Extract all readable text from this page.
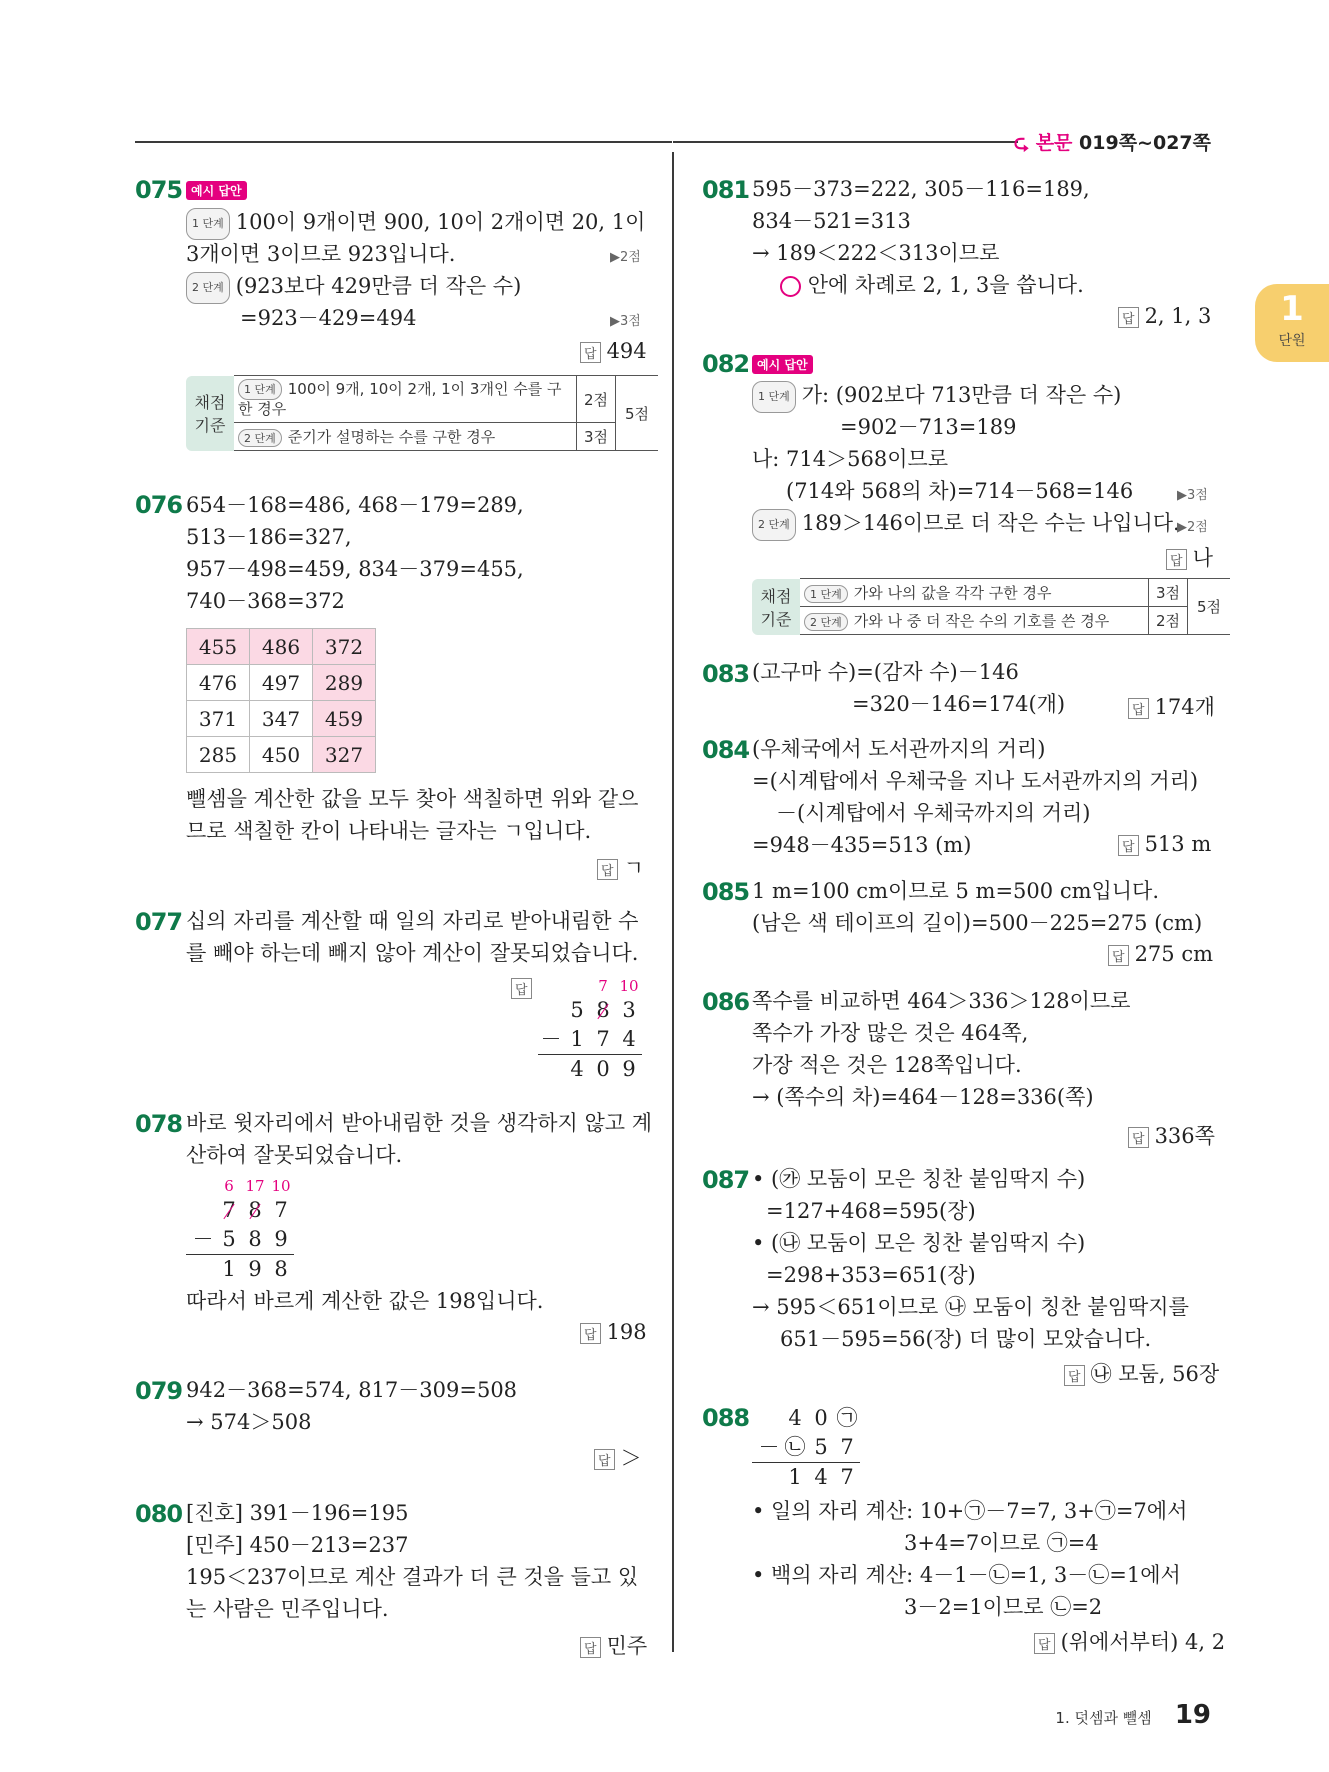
⮎ 본문 019쪽~027쪽
1
단원
075 예시 답안
1 단계 100이 9개이면 900, 10이 2개이면 20, 1이
3개이면 3이므로 923입니다.	▶2점
2 단계 (923보다 429만큼 더 작은 수)
=923－429=494	▶3점
답 494
채점 기준	1 단계 100이 9개, 10이 2개, 1이 3개인 수를 구
한 경우	2점	5점
	2 단계 준기가 설명하는 수를 구한 경우	3점	
076 654－168=486, 468－179=289,
513－186=327,
957－498=459, 834－379=455,
740－368=372
455	486	372
476	497	289
371	347	459
285	450	327
뺄셈을 계산한 값을 모두 찾아 색칠하면 위와 같으
므로 색칠한 칸이 나타내는 글자는 ㄱ입니다.
답 ㄱ
077 십의 자리를 계산할 때 일의 자리로 받아내림한 수
를 빼야 하는데 빼지 않아 계산이 잘못되었습니다.
답	7 10
5 8 3
－ 1 7 4
4 0 9
078 바로 윗자리에서 받아내림한 것을 생각하지 않고 계
산하여 잘못되었습니다.
6 17 10
7 8 7
－ 5 8 9
1 9 8
따라서 바르게 계산한 값은 198입니다.
답 198
079 942－368=574, 817－309=508
→ 574＞508
답 ＞
080 [진호] 391－196=195
[민주] 450－213=237
195＜237이므로 계산 결과가 더 큰 것을 들고 있
는 사람은 민주입니다.
답 민주
081 595－373=222, 305－116=189,
834－521=313
→ 189＜222＜313이므로
안에 차례로 2, 1, 3을 씁니다.
답 2, 1, 3
082 예시 답안
1 단계 가: (902보다 713만큼 더 작은 수)
=902－713=189
나: 714＞568이므로
(714와 568의 차)=714－568=146	▶3점
2 단계 189＞146이므로 더 작은 수는 나입니다.
▶2점
답 나
채점 기준	1 단계 가와 나의 값을 각각 구한 경우	3점	5점
	2 단계 가와 나 중 더 작은 수의 기호를 쓴 경우	2점	
083 (고구마 수)=(감자 수)－146
=320－146=174(개)	답 174개
084 (우체국에서 도서관까지의 거리)
=(시계탑에서 우체국을 지나 도서관까지의 거리)
－(시계탑에서 우체국까지의 거리)
=948－435=513 (m)	답 513 m
085 1 m=100 cm이므로 5 m=500 cm입니다.
(남은 색 테이프의 길이)=500－225=275 (cm)
답 275 cm
086 쪽수를 비교하면 464＞336＞128이므로
쪽수가 가장 많은 것은 464쪽,
가장 적은 것은 128쪽입니다.
→ (쪽수의 차)=464－128=336(쪽)
답 336쪽
087 • (㉮ 모둠이 모은 칭찬 붙임딱지 수)
=127+468=595(장)
• (㉯ 모둠이 모은 칭찬 붙임딱지 수)
=298+353=651(장)
→ 595＜651이므로 ㉯ 모둠이 칭찬 붙임딱지를
651－595=56(장) 더 많이 모았습니다.
답 ㉯ 모둠, 56장
088	4 0 ㉠
－ ㉡ 5 7
1 4 7
• 일의 자리 계산: 10+㉠－7=7, 3+㉠=7에서
3+4=7이므로 ㉠=4
• 백의 자리 계산: 4－1－㉡=1, 3－㉡=1에서
3－2=1이므로 ㉡=2
답 (위에서부터) 4, 2
1. 덧셈과 뺄셈 19
